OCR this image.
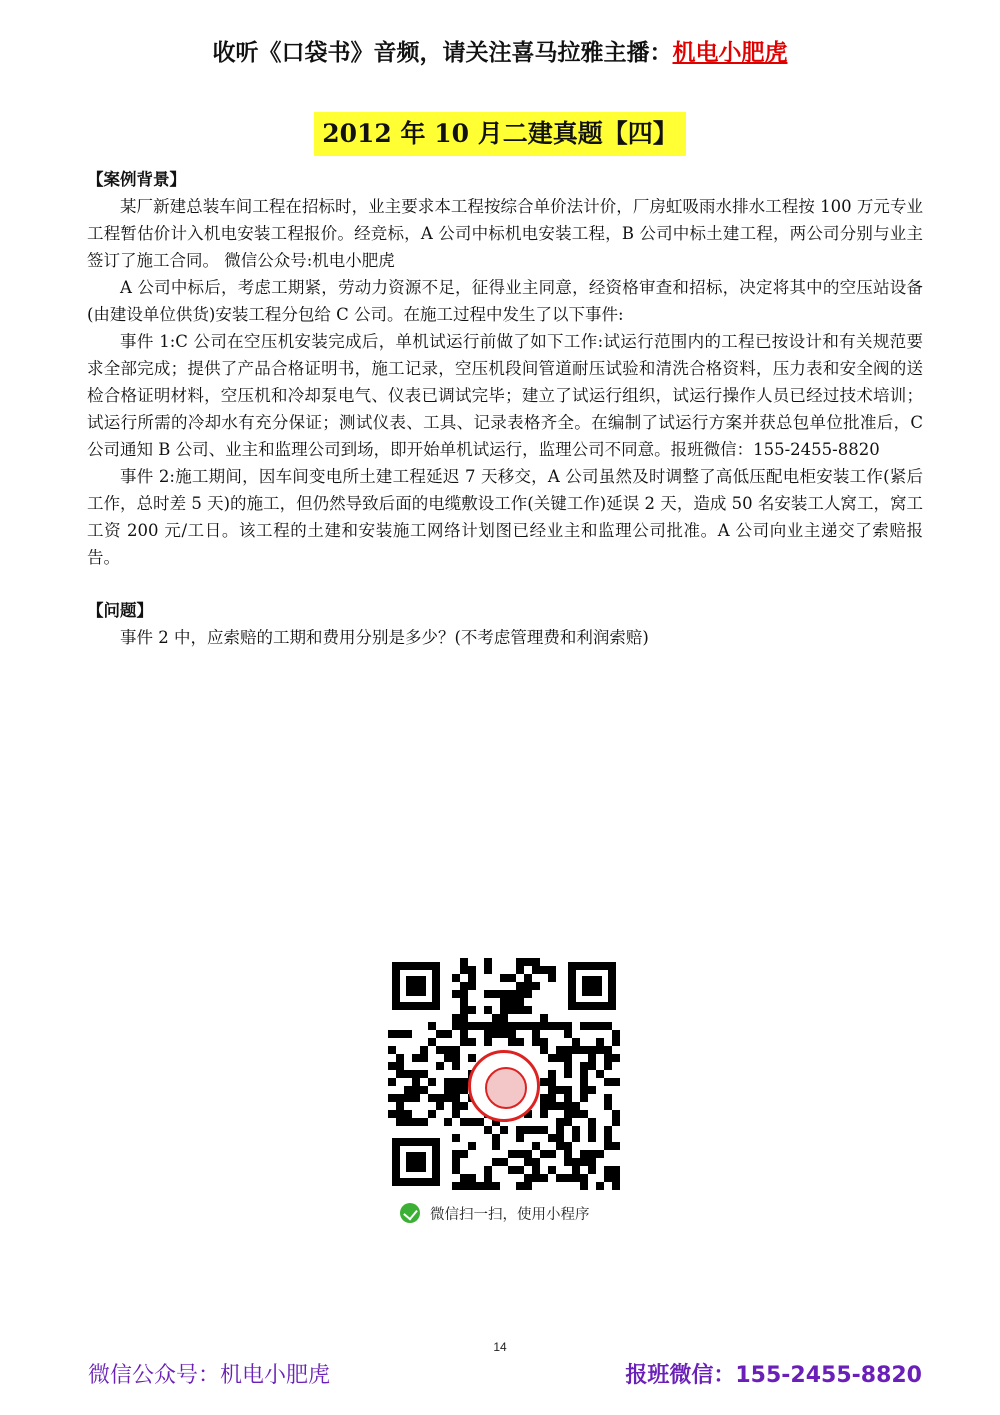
收听《口袋书》音频，请关注喜马拉雅主播：机电小肥虎
2012 年 10 月二建真题【四】

【案例背景】

某厂新建总装车间工程在招标时，业主要求本工程按综合单价法计价，厂房虹吸雨水排水工程按 100 万元专业工程暂估价计入机电安装工程报价。经竞标，A 公司中标机电安装工程，B 公司中标土建工程，两公司分别与业主签订了施工合同。 微信公众号:机电小肥虎

A 公司中标后，考虑工期紧，劳动力资源不足，征得业主同意，经资格审查和招标，决定将其中的空压站设备(由建设单位供货)安装工程分包给 C 公司。在施工过程中发生了以下事件:

事件 1:C 公司在空压机安装完成后，单机试运行前做了如下工作:试运行范围内的工程已按设计和有关规范要求全部完成；提供了产品合格证明书，施工记录，空压机段间管道耐压试验和清洗合格资料，压力表和安全阀的送检合格证明材料，空压机和冷却泵电气、仪表已调试完毕；建立了试运行组织，试运行操作人员已经过技术培训；试运行所需的冷却水有充分保证；测试仪表、工具、记录表格齐全。在编制了试运行方案并获总包单位批准后，C 公司通知 B 公司、业主和监理公司到场，即开始单机试运行，监理公司不同意。报班微信：155-2455-8820

事件 2:施工期间，因车间变电所土建工程延迟 7 天移交，A 公司虽然及时调整了高低压配电柜安装工作(紧后工作，总时差 5 天)的施工，但仍然导致后面的电缆敷设工作(关键工作)延误 2 天，造成 50 名安装工人窝工，窝工工资 200 元/工日。该工程的土建和安装施工网络计划图已经业主和监理公司批准。A 公司向业主递交了索赔报告。

【问题】

事件 2 中，应索赔的工期和费用分别是多少？(不考虑管理费和利润索赔)

微信扫一扫，使用小程序
14
微信公众号：机电小肥虎	报班微信：155-2455-8820
